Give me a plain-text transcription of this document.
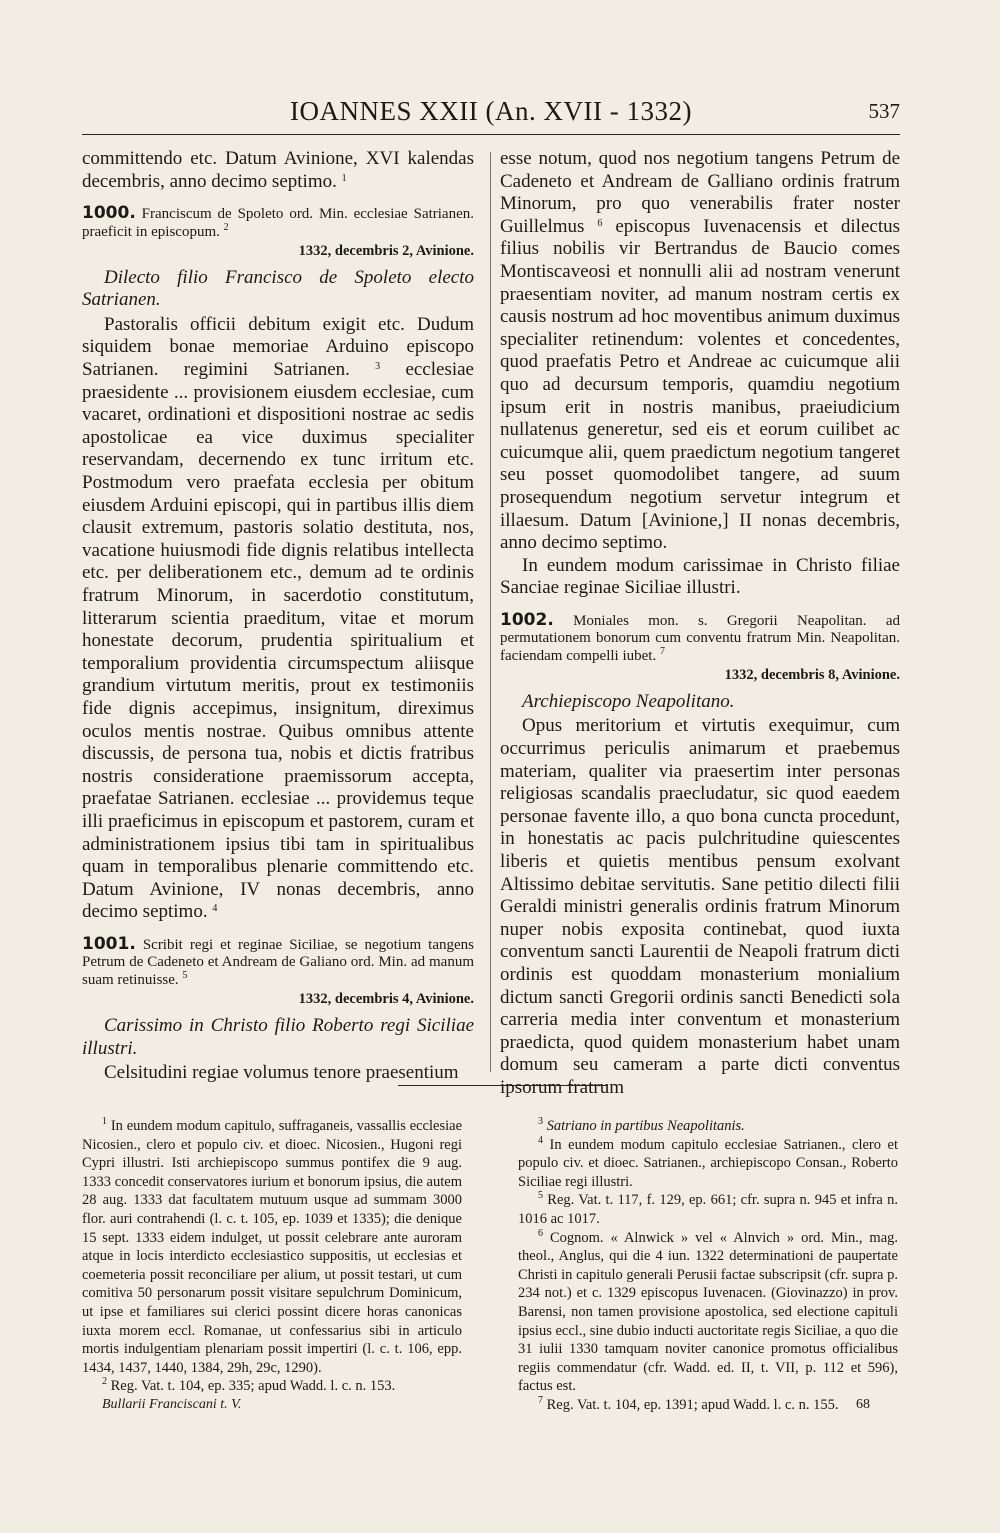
IOANNES XXII (An. XVII - 1332)	537

committendo etc. Datum Avinione, XVI kalendas decembris, anno decimo septimo. $^1$

1000. Franciscum de Spoleto ord. Min. ecclesiae Satrianen. praeficit in episcopum. $^2$
1332, decembris 2, Avinione.

Dilecto filio Francisco de Spoleto electo Satrianen.

Pastoralis officii debitum exigit etc. Dudum siquidem bonae memoriae Arduino episcopo Satrianen. regimini Satrianen.	$^3$ ecclesiae praesidente ... provisionem eiusdem ecclesiae, cum vacaret, ordinationi et dispositioni nostrae ac sedis apostolicae ea vice duximus specialiter reservandam, decernendo ex tunc irritum etc. Postmodum vero praefata ecclesia per obitum eiusdem Arduini episcopi, qui in partibus illis diem clausit extremum, pastoris solatio destituta, nos, vacatione huiusmodi fide dignis relatibus intellecta etc. per deliberationem etc., demum ad te ordinis fratrum Minorum, in sacerdotio constitutum, litterarum scientia praeditum, vitae et morum honestate decorum, prudentia spiritualium et temporalium providentia circumspectum aliisque grandium virtutum meritis, prout ex testimoniis fide dignis accepimus, insignitum, direximus oculos mentis nostrae. Quibus omnibus attente discussis, de persona tua, nobis et dictis fratribus nostris consideratione praemissorum accepta, praefatae Satrianen. ecclesiae ... providemus teque illi praeficimus in episcopum et pastorem, curam et administrationem ipsius tibi tam in spiritualibus quam in temporalibus plenarie committendo etc. Datum Avinione, IV nonas decembris, anno decimo septimo. $^4$

1001. Scribit regi et reginae Siciliae, se negotium tangens Petrum de Cadeneto et Andream de Galiano ord. Min. ad manum suam retinuisse. $^5$
1332, decembris 4, Avinione.

Carissimo in Christo filio Roberto regi Siciliae illustri.

Celsitudini regiae volumus tenore praesentium

esse notum, quod nos negotium tangens Petrum de Cadeneto et Andream de Galliano ordinis fratrum Minorum, pro quo venerabilis frater noster Guillelmus $^6$ episcopus Iuvenacensis et dilectus filius nobilis vir Bertrandus de Baucio comes Montiscaveosi et nonnulli alii ad nostram venerunt praesentiam noviter, ad manum nostram certis ex causis nostrum ad hoc moventibus animum duximus specialiter retinendum: volentes et concedentes, quod praefatis Petro et Andreae ac cuicumque alii quo ad decursum temporis, quamdiu negotium ipsum erit in nostris manibus, praeiudicium nullatenus generetur, sed eis et eorum cuilibet ac cuicumque alii, quem praedictum negotium tangeret seu posset quomodolibet tangere, ad suum prosequendum negotium servetur integrum et illaesum. Datum [Avinione,] II nonas decembris, anno decimo septimo.

In eundem modum carissimae in Christo filiae Sanciae reginae Siciliae illustri.

1002. Moniales mon. s. Gregorii Neapolitan. ad permutationem bonorum cum conventu fratrum Min. Neapolitan. faciendam compelli iubet. $^7$
1332, decembris 8, Avinione.

Archiepiscopo Neapolitano.

Opus meritorium et virtutis exequimur, cum occurrimus periculis animarum et praebemus materiam, qualiter via praesertim inter personas religiosas scandalis praecludatur, sic quod eaedem personae favente illo, a quo bona cuncta procedunt, in honestatis ac pacis pulchritudine quiescentes liberis et quietis mentibus pensum exolvant Altissimo debitae servitutis. Sane petitio dilecti filii Geraldi ministri generalis ordinis fratrum Minorum nuper nobis exposita continebat, quod iuxta conventum sancti Laurentii de Neapoli fratrum dicti ordinis est quoddam monasterium monialium dictum sancti Gregorii ordinis sancti Benedicti sola carreria media inter conventum et monasterium praedicta, quod quidem monasterium habet unam domum seu cameram a parte dicti conventus ipsorum fratrum

$^1$ In eundem modum capitulo, suffraganeis, vassallis ecclesiae Nicosien., clero et populo civ. et dioec. Nicosien., Hugoni regi Cypri illustri. Isti archiepiscopo summus pontifex die 9 aug. 1333 concedit conservatores iurium et bonorum ipsius, die autem 28 aug. 1333 dat facultatem mutuum usque ad summam 3000 flor. auri contrahendi (l. c. t. 105, ep. 1039 et 1335); die denique 15 sept. 1333 eidem indulget, ut possit celebrare ante auroram atque in locis interdicto ecclesiastico suppositis, ut ecclesias et coemeteria possit reconciliare per alium, ut possit testari, ut cum comitiva 50 personarum possit visitare sepulchrum Dominicum, ut ipse et familiares sui clerici possint dicere horas canonicas iuxta morem eccl. Romanae, ut confessarius sibi in articulo mortis indulgentiam plenariam possit impertiri (l. c. t. 106, epp. 1434, 1437, 1440, 1384, 29h, 29c, 1290).

$^2$ Reg. Vat. t. 104, ep. 335; apud Wadd. l. c. n. 153.

$^3$ Satriano in partibus Neapolitanis.

$^4$ In eundem modum capitulo ecclesiae Satrianen., clero et populo civ. et dioec. Satrianen., archiepiscopo Consan., Roberto Siciliae regi illustri.

$^5$ Reg. Vat. t. 117, f. 129, ep. 661; cfr. supra n. 945 et infra n. 1016 ac 1017.

$^6$ Cognom. « Alnwick » vel « Alnvich » ord. Min., mag. theol., Anglus, qui die 4 iun. 1322 determinationi de paupertate Christi in capitulo generali Perusii factae subscripsit (cfr. supra p. 234 not.) et c. 1329 episcopus Iuvenacen. (Giovinazzo) in prov. Barensi, non tamen provisione apostolica, sed electione capituli ipsius eccl., sine dubio inducti auctoritate regis Siciliae, a quo die 31 iulii 1330 tamquam noviter canonice promotus officialibus regiis commendatur (cfr. Wadd. ed. II, t. VII, p. 112 et 596), factus est.

$^7$ Reg. Vat. t. 104, ep. 1391; apud Wadd. l. c. n. 155.

Bullarii Franciscani t. V.	68
